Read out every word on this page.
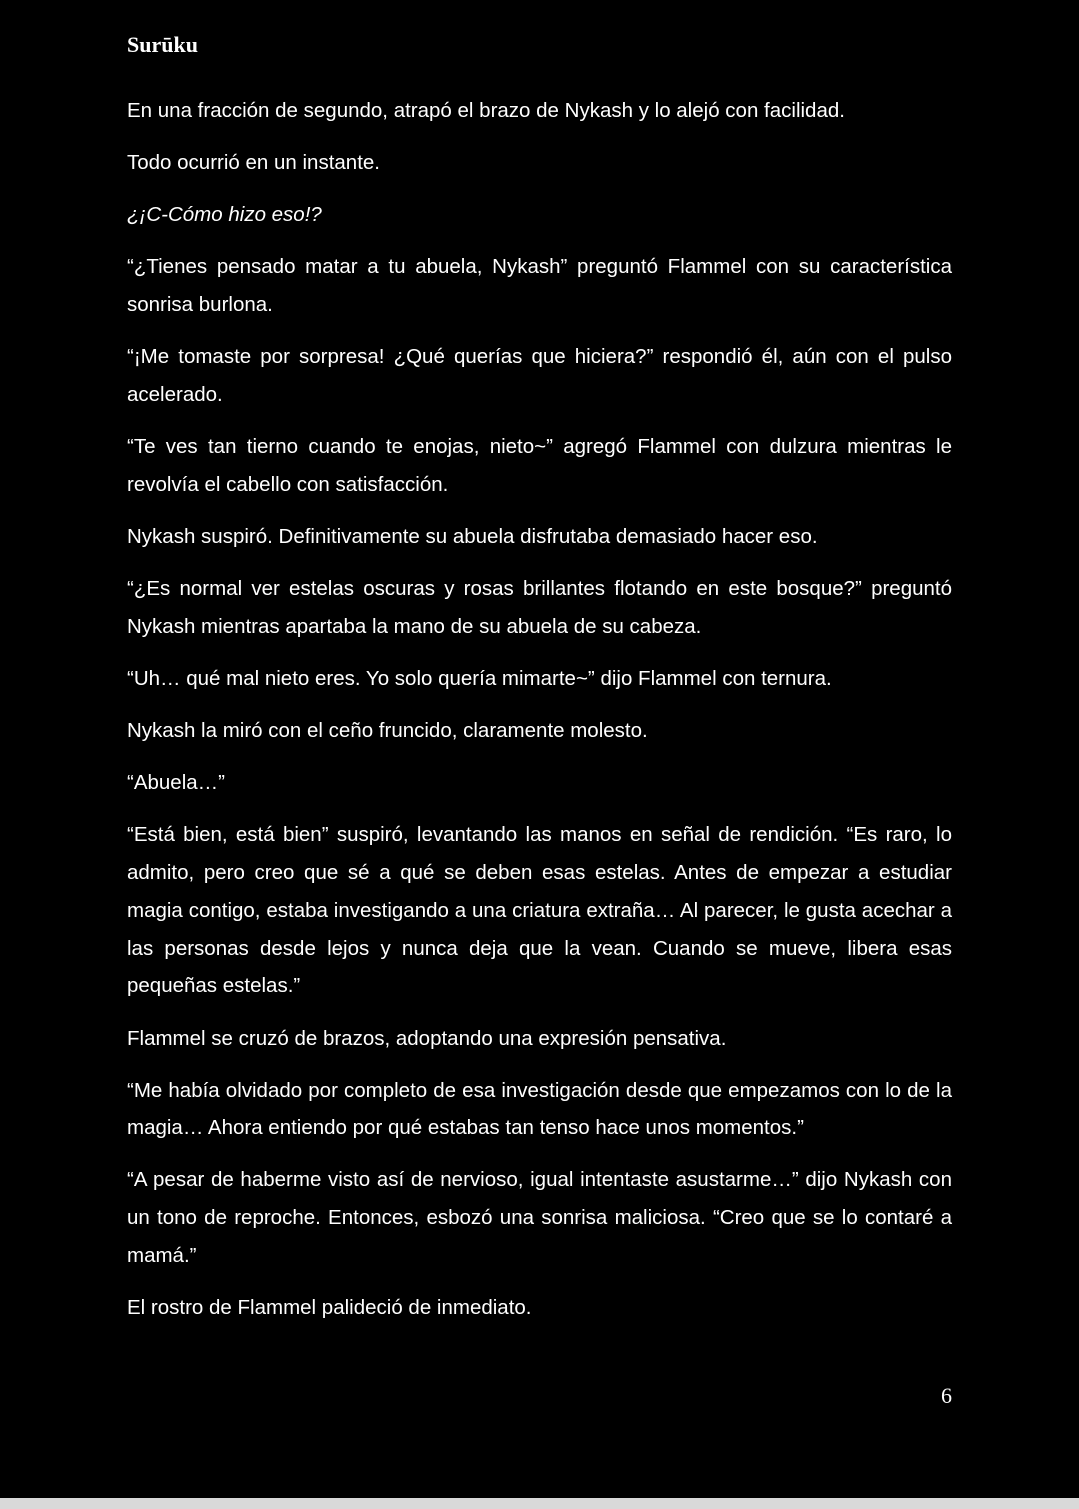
Surūku

En una fracción de segundo, atrapó el brazo de Nykash y lo alejó con facilidad.

Todo ocurrió en un instante.

¿¡C-Cómo hizo eso!?

“¿Tienes pensado matar a tu abuela, Nykash” preguntó Flammel con su característica sonrisa burlona.

“¡Me tomaste por sorpresa! ¿Qué querías que hiciera?” respondió él, aún con el pulso acelerado.

“Te ves tan tierno cuando te enojas, nieto~” agregó Flammel con dulzura mientras le revolvía el cabello con satisfacción.

Nykash suspiró. Definitivamente su abuela disfrutaba demasiado hacer eso.

“¿Es normal ver estelas oscuras y rosas brillantes flotando en este bosque?” preguntó Nykash mientras apartaba la mano de su abuela de su cabeza.

“Uh… qué mal nieto eres. Yo solo quería mimarte~” dijo Flammel con ternura.

Nykash la miró con el ceño fruncido, claramente molesto.

“Abuela…”

“Está bien, está bien” suspiró, levantando las manos en señal de rendición. “Es raro, lo admito, pero creo que sé a qué se deben esas estelas. Antes de empezar a estudiar magia contigo, estaba investigando a una criatura extraña… Al parecer, le gusta acechar a las personas desde lejos y nunca deja que la vean. Cuando se mueve, libera esas pequeñas estelas.”

Flammel se cruzó de brazos, adoptando una expresión pensativa.

“Me había olvidado por completo de esa investigación desde que empezamos con lo de la magia… Ahora entiendo por qué estabas tan tenso hace unos momentos.”

“A pesar de haberme visto así de nervioso, igual intentaste asustarme…” dijo Nykash con un tono de reproche. Entonces, esbozó una sonrisa maliciosa. “Creo que se lo contaré a mamá.”

El rostro de Flammel palideció de inmediato.

6
